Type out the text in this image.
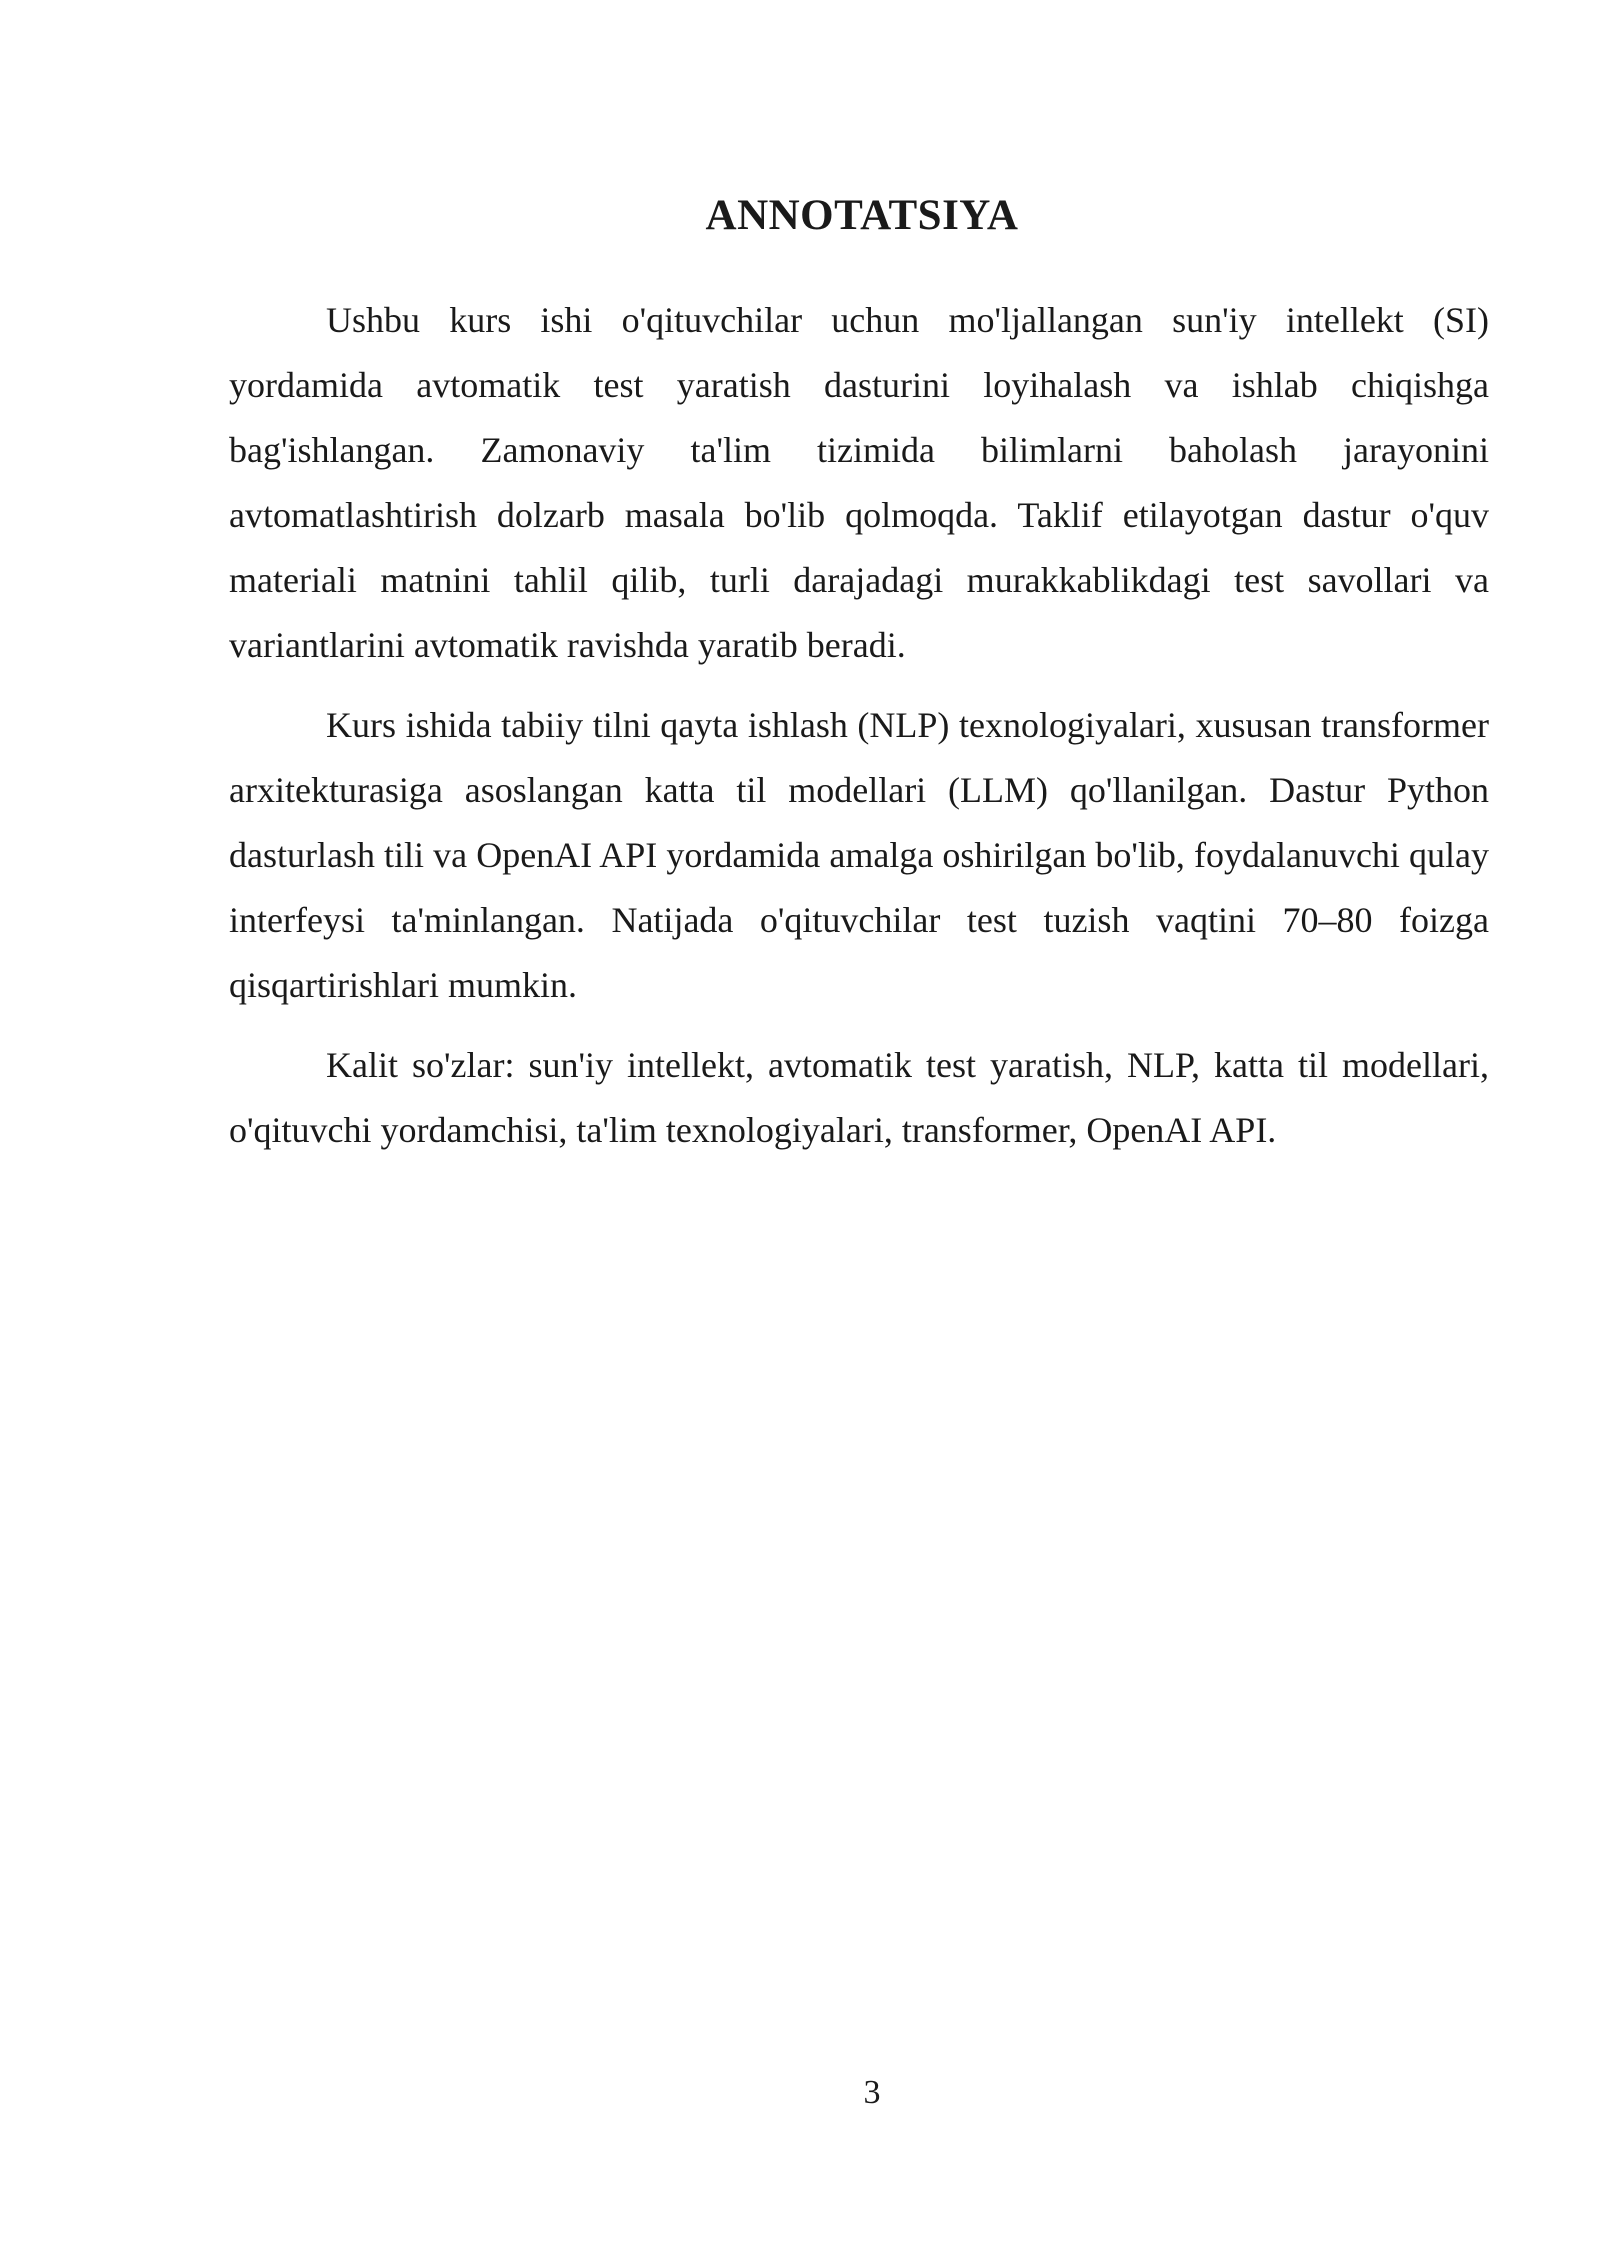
ANNOTATSIYA

Ushbu kurs ishi o'qituvchilar uchun mo'ljallangan sun'iy intellekt (SI) yordamida avtomatik test yaratish dasturini loyihalash va ishlab chiqishga bag'ishlangan. Zamonaviy ta'lim tizimida bilimlarni baholash jarayonini avtomatlashtirish dolzarb masala bo'lib qolmoqda. Taklif etilayotgan dastur o'quv materiali matnini tahlil qilib, turli darajadagi murakkablikdagi test savollari va variantlarini avtomatik ravishda yaratib beradi.

Kurs ishida tabiiy tilni qayta ishlash (NLP) texnologiyalari, xususan transformer arxitekturasiga asoslangan katta til modellari (LLM) qo'llanilgan. Dastur Python dasturlash tili va OpenAI API yordamida amalga oshirilgan bo'lib, foydalanuvchi qulay interfeysi ta'minlangan. Natijada o'qituvchilar test tuzish vaqtini 70–80 foizga qisqartirishlari mumkin.

Kalit so'zlar: sun'iy intellekt, avtomatik test yaratish, NLP, katta til modellari, o'qituvchi yordamchisi, ta'lim texnologiyalari, transformer, OpenAI API.

3
